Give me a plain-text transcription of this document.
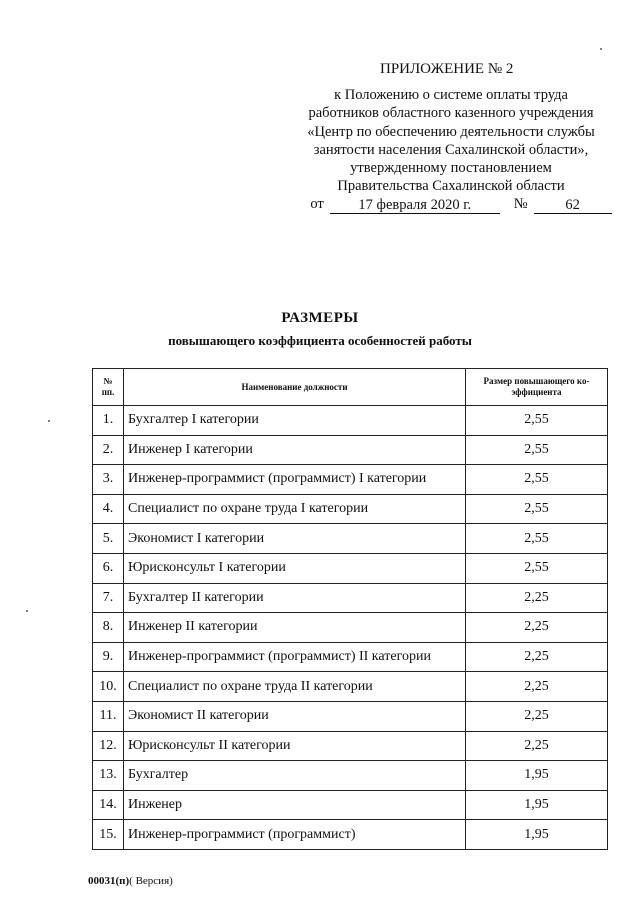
ПРИЛОЖЕНИЕ № 2
к Положению о системе оплаты труда
работников областного казенного учреждения
«Центр по обеспечению деятельности службы
занятости населения Сахалинской области»,
утвержденному постановлением
Правительства Сахалинской области
от	17 февраля 2020 г.	№	62
РАЗМЕРЫ
повышающего коэффициента особенностей работы
№ пп.	Наименование должности	Размер повышающего ко- эффициента
1.	Бухгалтер I категории	2,55
2.	Инженер I категории	2,55
3.	Инженер-программист (программист) I категории	2,55
4.	Специалист по охране труда I категории	2,55
5.	Экономист I категории	2,55
6.	Юрисконсульт I категории	2,55
7.	Бухгалтер II категории	2,25
8.	Инженер II категории	2,25
9.	Инженер-программист (программист) II категории	2,25
10.	Специалист по охране труда II категории	2,25
11.	Экономист II категории	2,25
12.	Юрисконсульт II категории	2,25
13.	Бухгалтер	1,95
14.	Инженер	1,95
15.	Инженер-программист (программист)	1,95
00031(п)( Версия)
